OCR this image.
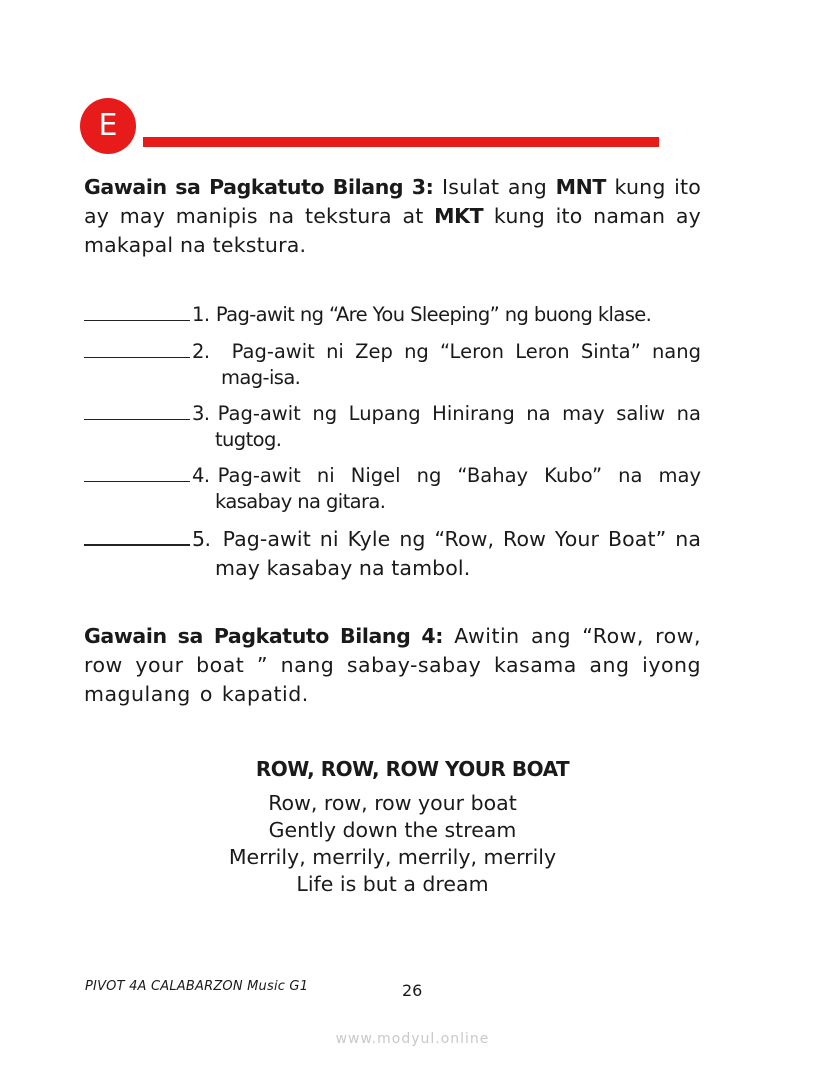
E
Gawain sa Pagkatuto Bilang 3: Isulat ang MNT kung ito ay may manipis na tekstura at MKT kung ito naman ay makapal na tekstura.
1. Pag-awit ng “Are You Sleeping” ng buong klase.
2.	Pag-awit ni Zep ng “Leron Leron Sinta” nang
mag-isa.
3. Pag-awit ng Lupang Hinirang na may saliw na
tugtog.
4. Pag-awit ni Nigel ng “Bahay Kubo” na may
kasabay na gitara.
5. Pag-awit ni Kyle ng “Row, Row Your Boat” na
may kasabay na tambol.
Gawain sa Pagkatuto Bilang 4: Awitin ang “Row, row, row your boat ” nang sabay-sabay kasama ang iyong magulang o kapatid.
ROW, ROW, ROW YOUR BOAT
Row, row, row your boat
Gently down the stream
Merrily, merrily, merrily, merrily
Life is but a dream
PIVOT 4A CALABARZON Music G1	26
www.modyul.online
